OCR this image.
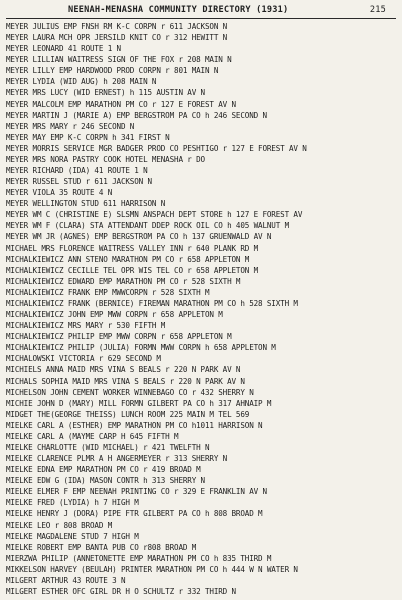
NEENAH-MENASHA COMMUNITY DIRECTORY (1931)	215
MEYER JULIUS EMP FNSH RM K-C CORPN r 611 JACKSON N
MEYER LAURA MCH OPR JERSILD KNIT CO r 312 HEWITT N
MEYER LEONARD 41 ROUTE 1 N
MEYER LILLIAN WAITRESS SIGN OF THE FOX r 208 MAIN N
MEYER LILLY EMP HARDWOOD PROD CORPN r 801 MAIN N
MEYER LYDIA (WID AUG) h 208 MAIN N
MEYER MRS LUCY (WID ERNEST) h 115 AUSTIN AV N
MEYER MALCOLM EMP MARATHON PM CO r 127 E FOREST AV N
MEYER MARTIN J (MARIE A) EMP BERGSTROM PA CO h 246 SECOND N
MEYER MRS MARY r 246 SECOND N
MEYER MAY EMP K-C CORPN h 341 FIRST N
MEYER MORRIS SERVICE MGR BADGER PROD CO PESHTIGO r 127 E FOREST AV N
MEYER MRS NORA PASTRY COOK HOTEL MENASHA r DO
MEYER RICHARD (IDA) 41 ROUTE 1 N
MEYER RUSSEL STUD r 611 JACKSON N
MEYER VIOLA 35 ROUTE 4 N
MEYER WELLINGTON STUD 611 HARRISON N
MEYER WM C (CHRISTINE E) SLSMN ANSPACH DEPT STORE h 127 E FOREST AV
MEYER WM F (CLARA) STA ATTENDANT DDEP ROCK OIL CO h 405 WALNUT M
MEYER WM JR (AGNES) EMP BERGSTROM PA CO h 137 GRUENWALD AV N
MICHAEL MRS FLORENCE WAITRESS VALLEY INN r 640 PLANK RD M
MICHALKIEWICZ ANN STENO MARATHON PM CO r 658 APPLETON M
MICHALKIEWICZ CECILLE TEL OPR WIS TEL CO r 658 APPLETON M
MICHALKIEWICZ EDWARD EMP MARATHON PM CO r 528 SIXTH M
MICHALKIEWICZ FRANK EMP MWWCORPN r 528 SIXTH M
MICHALKIEWICZ FRANK (BERNICE) FIREMAN MARATHON PM CO h 528 SIXTH M
MICHALKIEWICZ JOHN EMP MWW CORPN r 658 APPLETON M
MICHALKIEWICZ MRS MARY r 530 FIFTH M
MICHALKIEWICZ PHILIP EMP MWW CORPN r 658 APPLETON M
MICHALKIEWICZ PHILIP (JULIA) FORMN MWW CORPN h 658 APPLETON M
MICHALOWSKI VICTORIA r 629 SECOND M
MICHIELS ANNA MAID MRS VINA S BEALS r 220 N PARK AV N
MICHALS SOPHIA MAID MRS VINA S BEALS r 220 N PARK AV N
MICHELSON JOHN CEMENT WORKER WINNEBAGO CO r 432 SHERRY N
MICHIE JOHN D (MARY) MILL FORMN GILBERT PA CO h 317 AHNAIP M
MIDGET THE(GEORGE THEISS) LUNCH ROOM 225 MAIN M TEL 569
MIELKE CARL A (ESTHER) EMP MARATHON PM CO h1011 HARRISON N
MIELKE CARL A (MAYME CARP H 645 FIFTH M
MIELKE CHARLOTTE (WID MICHAEL) r 421 TWELFTH N
MIELKE CLARENCE PLMR A H ANGERMEYER r 313 SHERRY N
MIELKE EDNA EMP MARATHON PM CO r 419 BROAD M
MIELKE EDW G (IDA) MASON CONTR h 313 SHERRY N
MIELKE ELMER F EMP NEENAH PRINTING CO r 329 E FRANKLIN AV N
MIELKE FRED (LYDIA) h 7 HIGH M
MIELKE HENRY J (DORA) PIPE FTR GILBERT PA CO h 808 BROAD M
MIELKE LEO r 808 BROAD M
MIELKE MAGDALENE STUD 7 HIGH M
MIELKE ROBERT EMP BANTA PUB CO r808 BROAD M
MIERZWA PHILIP (ANNETONETTE EMP MARATHON PM CO h 835 THIRD M
MIKKELSON HARVEY (BEULAH) PRINTER MARATHON PM CO h 444 W N WATER N
MILGERT ARTHUR 43 ROUTE 3 N
MILGERT ESTHER OFC GIRL DR H O SCHULTZ r 332 THIRD N
